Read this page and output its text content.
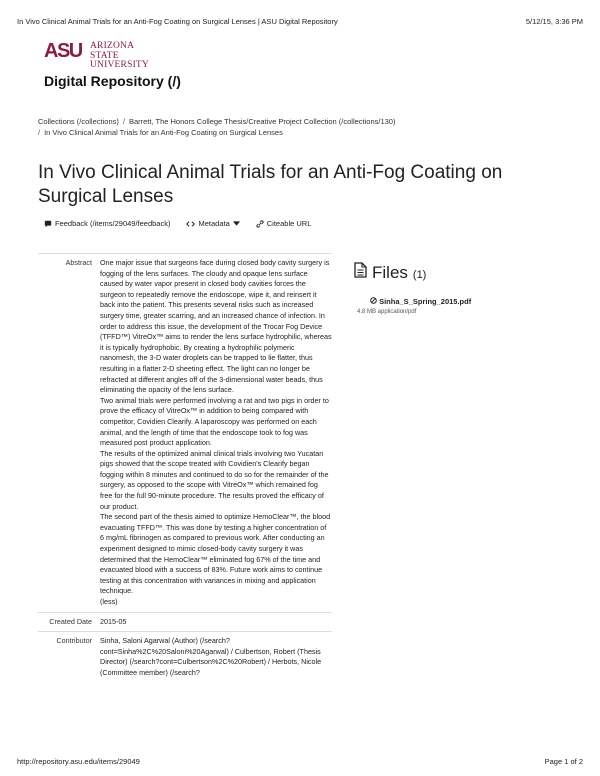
In Vivo Clinical Animal Trials for an Anti-Fog Coating on Surgical Lenses | ASU Digital Repository	5/12/15, 3:36 PM
ASU ARIZONA STATE
UNIVERSITY
Digital Repository (/)
Collections (/collections) / Barrett, The Honors College Thesis/Creative Project Collection (/collections/130)
/ In Vivo Clinical Animal Trials for an Anti-Fog Coating on Surgical Lenses
In Vivo Clinical Animal Trials for an Anti-Fog Coating on Surgical Lenses
Feedback (/items/29049/feedback)	Metadata	Citeable URL
Abstract	One major issue that surgeons face during closed body cavity surgery is fogging of the lens surfaces. The cloudy and opaque lens surface caused by water vapor present in closed body cavities forces the surgeon to repeatedly remove the endoscope, wipe it, and reinsert it back into the patient. This presents several risks such as increased surgery time, greater scarring, and an increased chance of infection. In order to address this issue, the development of the Trocar Fog Device (TFFD™) VitreOx™ aims to render the lens surface hydrophilic, whereas it is typically hydrophobic. By creating a hydrophilic polymeric nanomesh, the 3-D water droplets can be trapped to lie flatter, thus resulting in a flatter 2-D sheeting effect. The light can no longer be refracted at different angles off of the 3-dimensional water beads, thus eliminating the opacity of the lens surface.

Two animal trials were performed involving a rat and two pigs in order to prove the efficacy of VitreOx™ in addition to being compared with competitor, Covidien Clearify. A laparoscopy was performed on each animal, and the length of time that the endoscope took to fog was measured post product application.

The results of the optimized animal clinical trials involving two Yucatan pigs showed that the scope treated with Covidien's Clearify began fogging within 8 minutes and continued to do so for the remainder of the surgery, as opposed to the scope with VitreOx™ which remained fog free for the full 90-minute procedure. The results proved the efficacy of our product.

The second part of the thesis aimed to optimize HemoClear™, the blood evacuating TFFD™. This was done by testing a higher concentration of 6 mg/mL fibrinogen as compared to previous work. After conducting an experiment designed to mimic closed-body cavity surgery it was determined that the HemoClear™ eliminated fog 67% of the time and evacuated blood with a success of 83%. Future work aims to continue testing at this concentration with variances in mixing and application technique.

(less)
Created Date	2015-05
Contributor	Sinha, Saloni Agarwal (Author) (/search?cont=Sinha%2C%20Saloni%20Agarwal) / Culbertson, Robert (Thesis Director) (/search?cont=Culbertson%2C%20Robert) / Herbots, Nicole (Committee member) (/search?
Files (1)
Sinha_S_Spring_2015.pdf
4.8 MB application/pdf
http://repository.asu.edu/items/29049	Page 1 of 2
